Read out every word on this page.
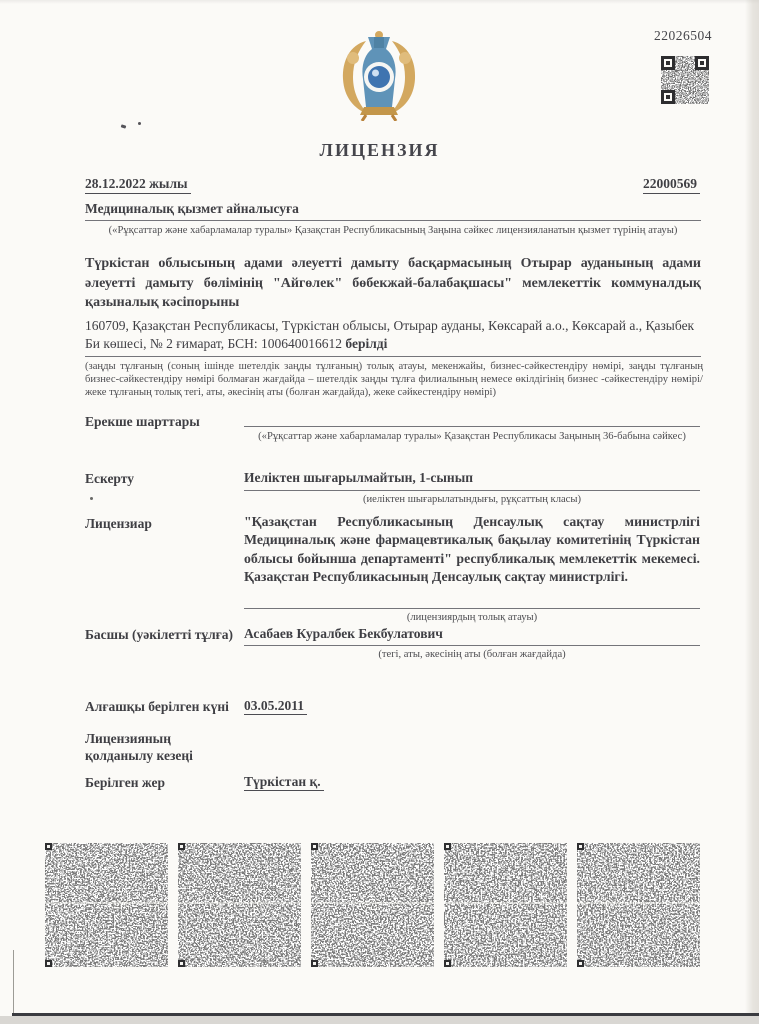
22026504
ЛИЦЕНЗИЯ
28.12.2022 жылы	22000569
Медициналық қызмет айналысуға
(«Рұқсаттар және хабарламалар туралы» Қазақстан Республикасының Заңына сәйкес лицензияланатын қызмет түрінің атауы)
Түркістан облысының адами әлеуетті дамыту басқармасының Отырар ауданының адами әлеуетті дамыту бөлімінің "Айгөлек" бөбекжай-балабақшасы" мемлекеттік коммуналдық қазыналық кәсіпорыны
160709, Қазақстан Республикасы, Түркістан облысы, Отырар ауданы, Көксарай а.о., Көксарай а., Қазыбек Би көшесі, № 2 ғимарат, БСН: 100640016612 берілді
(заңды тұлғаның (соның ішінде шетелдік заңды тұлғаның) толық атауы, мекенжайы, бизнес-сәйкестендіру нөмірі, заңды тұлғаның бизнес-сәйкестендіру нөмірі болмаған жағдайда – шетелдік заңды тұлға филиалының немесе өкілдігінің бизнес -сәйкестендіру нөмірі/жеке тұлғаның толық тегі, аты, әкесінің аты (болған жағдайда), жеке сәйкестендіру нөмірі)
Ерекше шарттары
(«Рұқсаттар және хабарламалар туралы» Қазақстан Республикасы Заңының 36-бабына сәйкес)
Ескерту	Иеліктен шығарылмайтын, 1-сынып
(иеліктен шығарылатындығы, рұқсаттың класы)
Лицензиар	"Қазақстан Республикасының Денсаулық сақтау министрлігі Медициналық және фармацевтикалық бақылау комитетінің Түркістан облысы бойынша департаменті" республикалық мемлекеттік мекемесі. Қазақстан Республикасының Денсаулық сақтау министрлігі.
(лицензиярдың толық атауы)
Басшы (уәкілетті тұлға) Асабаев Куралбек Бекбулатович
(тегі, аты, әкесінің аты (болған жағдайда)
Алғашқы берілген күні 03.05.2011
Лицензияның қолданылу кезеңі
Берілген жер	Түркістан қ.
